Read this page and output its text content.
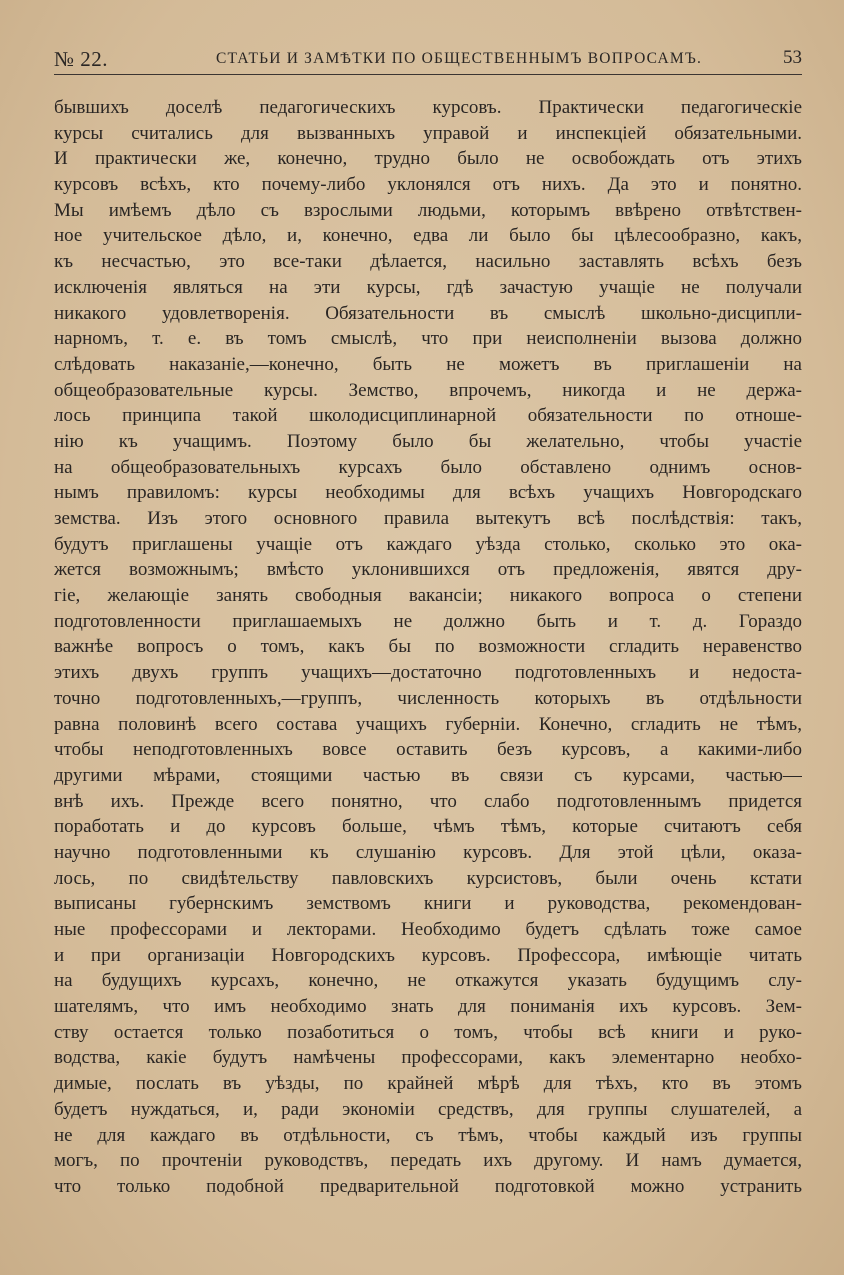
№ 22.	СТАТЬИ И ЗАМѢТКИ ПО ОБЩЕСТВЕННЫМЪ ВОПРОСАМЪ.	53
бывшихъ доселѣ педагогическихъ курсовъ. Практически педагогическіе
курсы считались для вызванныхъ управой и инспекціей обязательными.
И практически же, конечно, трудно было не освобождать отъ этихъ
курсовъ всѣхъ, кто почему-либо уклонялся отъ нихъ. Да это и понятно.
Мы имѣемъ дѣло съ взрослыми людьми, которымъ ввѣрено отвѣтствен-
ное учительское дѣло, и, конечно, едва ли было бы цѣлесообразно, какъ,
къ несчастью, это все-таки дѣлается, насильно заставлять всѣхъ безъ
исключенія являться на эти курсы, гдѣ зачастую учащіе не получали
никакого удовлетворенія. Обязательности въ смыслѣ школьно-дисципли-
нарномъ, т. е. въ томъ смыслѣ, что при неисполненіи вызова должно
слѣдовать наказаніе,—конечно, быть не можетъ въ приглашеніи на
общеобразовательные курсы. Земство, впрочемъ, никогда и не держа-
лось принципа такой школодисциплинарной обязательности по отноше-
нію къ учащимъ. Поэтому было бы желательно, чтобы участіе
на общеобразовательныхъ курсахъ было обставлено однимъ основ-
нымъ правиломъ: курсы необходимы для всѣхъ учащихъ Новгородскаго
земства. Изъ этого основного правила вытекутъ всѣ послѣдствія: такъ,
будутъ приглашены учащіе отъ каждаго уѣзда столько, сколько это ока-
жется возможнымъ; вмѣсто уклонившихся отъ предложенія, явятся дру-
гіе, желающіе занять свободныя вакансіи; никакого вопроса о степени
подготовленности приглашаемыхъ не должно быть и т. д. Гораздо
важнѣе вопросъ о томъ, какъ бы по возможности сгладить неравенство
этихъ двухъ группъ учащихъ—достаточно подготовленныхъ и недоста-
точно подготовленныхъ,—группъ, численность которыхъ въ отдѣльности
равна половинѣ всего состава учащихъ губерніи. Конечно, сгладить не тѣмъ,
чтобы неподготовленныхъ вовсе оставить безъ курсовъ, а какими-либо
другими мѣрами, стоящими частью въ связи съ курсами, частью—
внѣ ихъ. Прежде всего понятно, что слабо подготовленнымъ придется
поработать и до курсовъ больше, чѣмъ тѣмъ, которые считаютъ себя
научно подготовленными къ слушанію курсовъ. Для этой цѣли, оказа-
лось, по свидѣтельству павловскихъ курсистовъ, были очень кстати
выписаны губернскимъ земствомъ книги и руководства, рекомендован-
ные профессорами и лекторами. Необходимо будетъ сдѣлать тоже самое
и при организаціи Новгородскихъ курсовъ. Профессора, имѣющіе читать
на будущихъ курсахъ, конечно, не откажутся указать будущимъ слу-
шателямъ, что имъ необходимо знать для пониманія ихъ курсовъ. Зем-
ству остается только позаботиться о томъ, чтобы всѣ книги и руко-
водства, какіе будутъ намѣчены профессорами, какъ элементарно необхо-
димые, послать въ уѣзды, по крайней мѣрѣ для тѣхъ, кто въ этомъ
будетъ нуждаться, и, ради экономіи средствъ, для группы слушателей, а
не для каждаго въ отдѣльности, съ тѣмъ, чтобы каждый изъ группы
могъ, по прочтеніи руководствъ, передать ихъ другому. И намъ думается,
что только подобной предварительной подготовкой можно устранить
